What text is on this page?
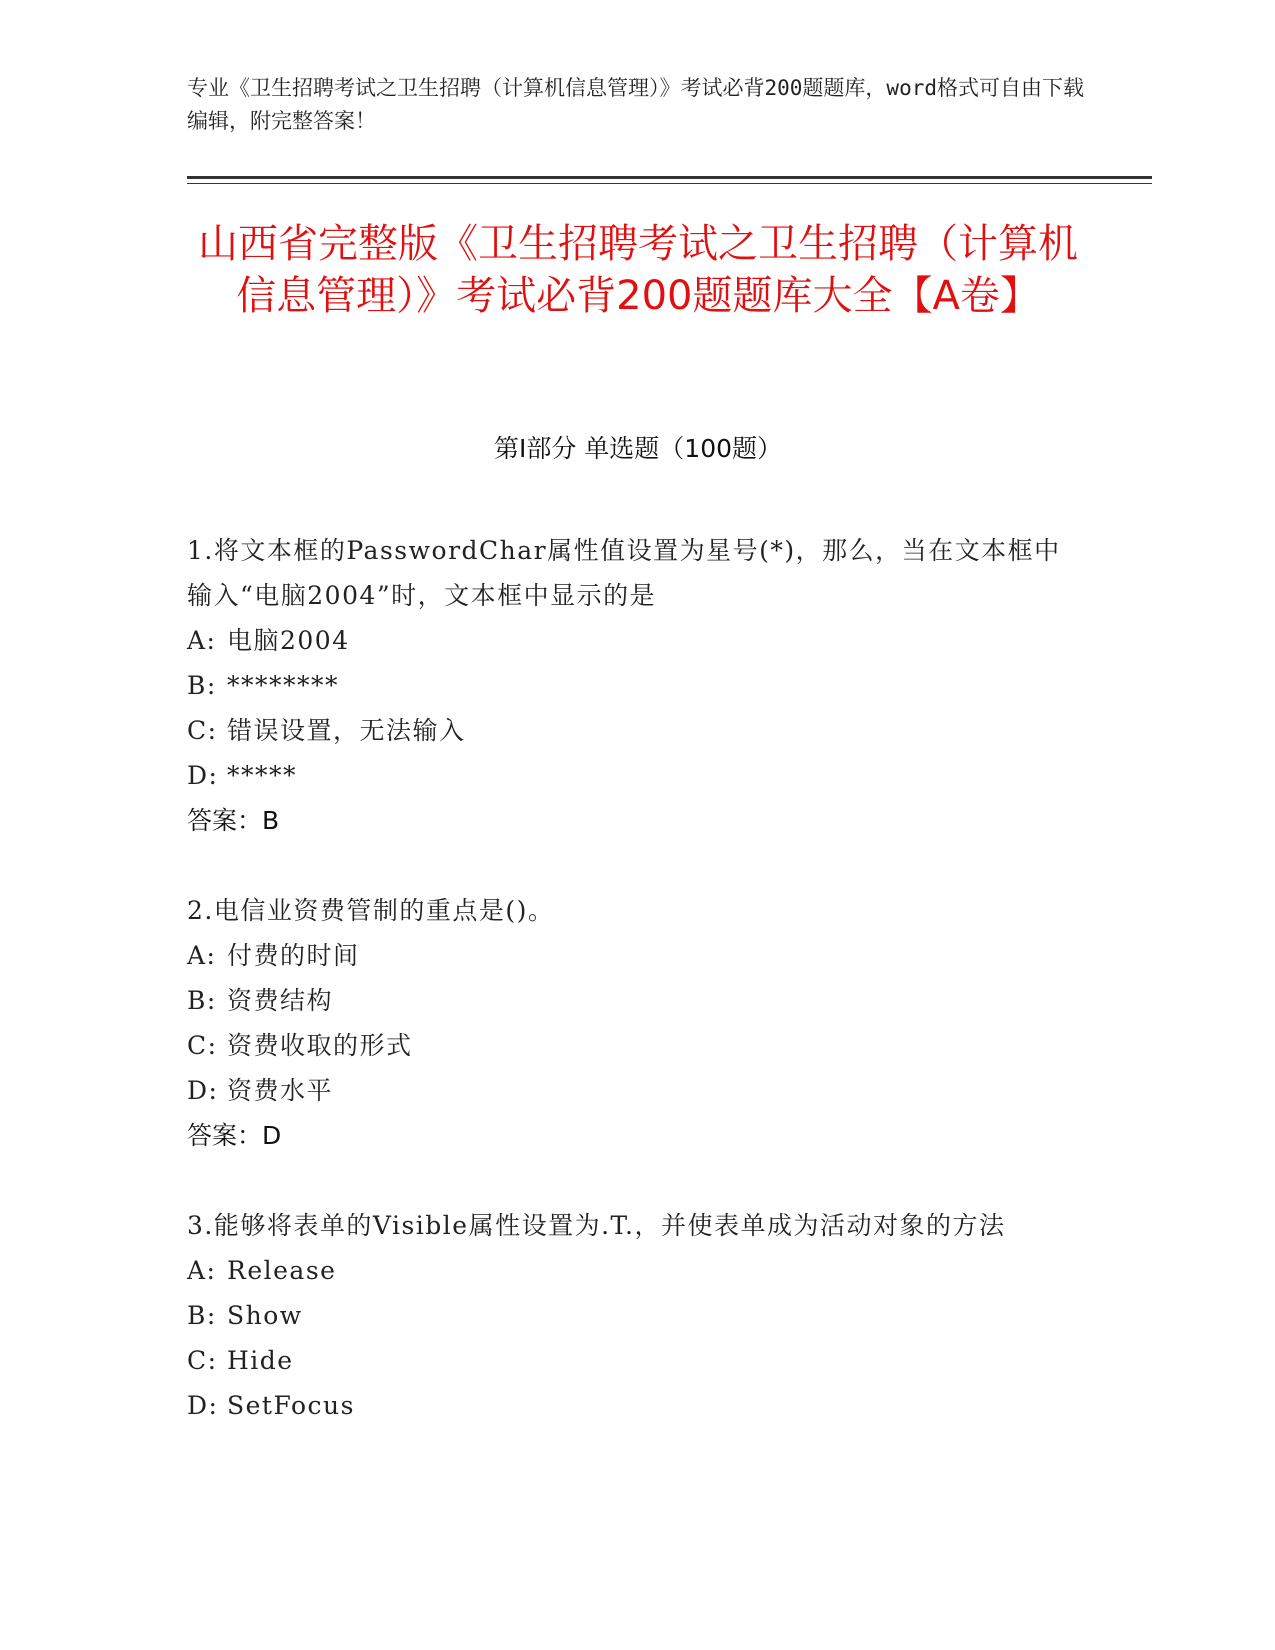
专业《卫生招聘考试之卫生招聘（计算机信息管理）》考试必背200题题库，word格式可自由下载编辑，附完整答案！
山西省完整版《卫生招聘考试之卫生招聘（计算机信息管理）》考试必背200题题库大全【A卷】
第Ⅰ部分 单选题（100题）
1.将文本框的PasswordChar属性值设置为星号(*)，那么，当在文本框中输入“电脑2004”时，文本框中显示的是
A: 电脑2004
B: ********
C: 错误设置，无法输入
D: *****
答案：B
2.电信业资费管制的重点是()。
A: 付费的时间
B: 资费结构
C: 资费收取的形式
D: 资费水平
答案：D
3.能够将表单的Visible属性设置为.T.，并使表单成为活动对象的方法
A: Release
B: Show
C: Hide
D: SetFocus
